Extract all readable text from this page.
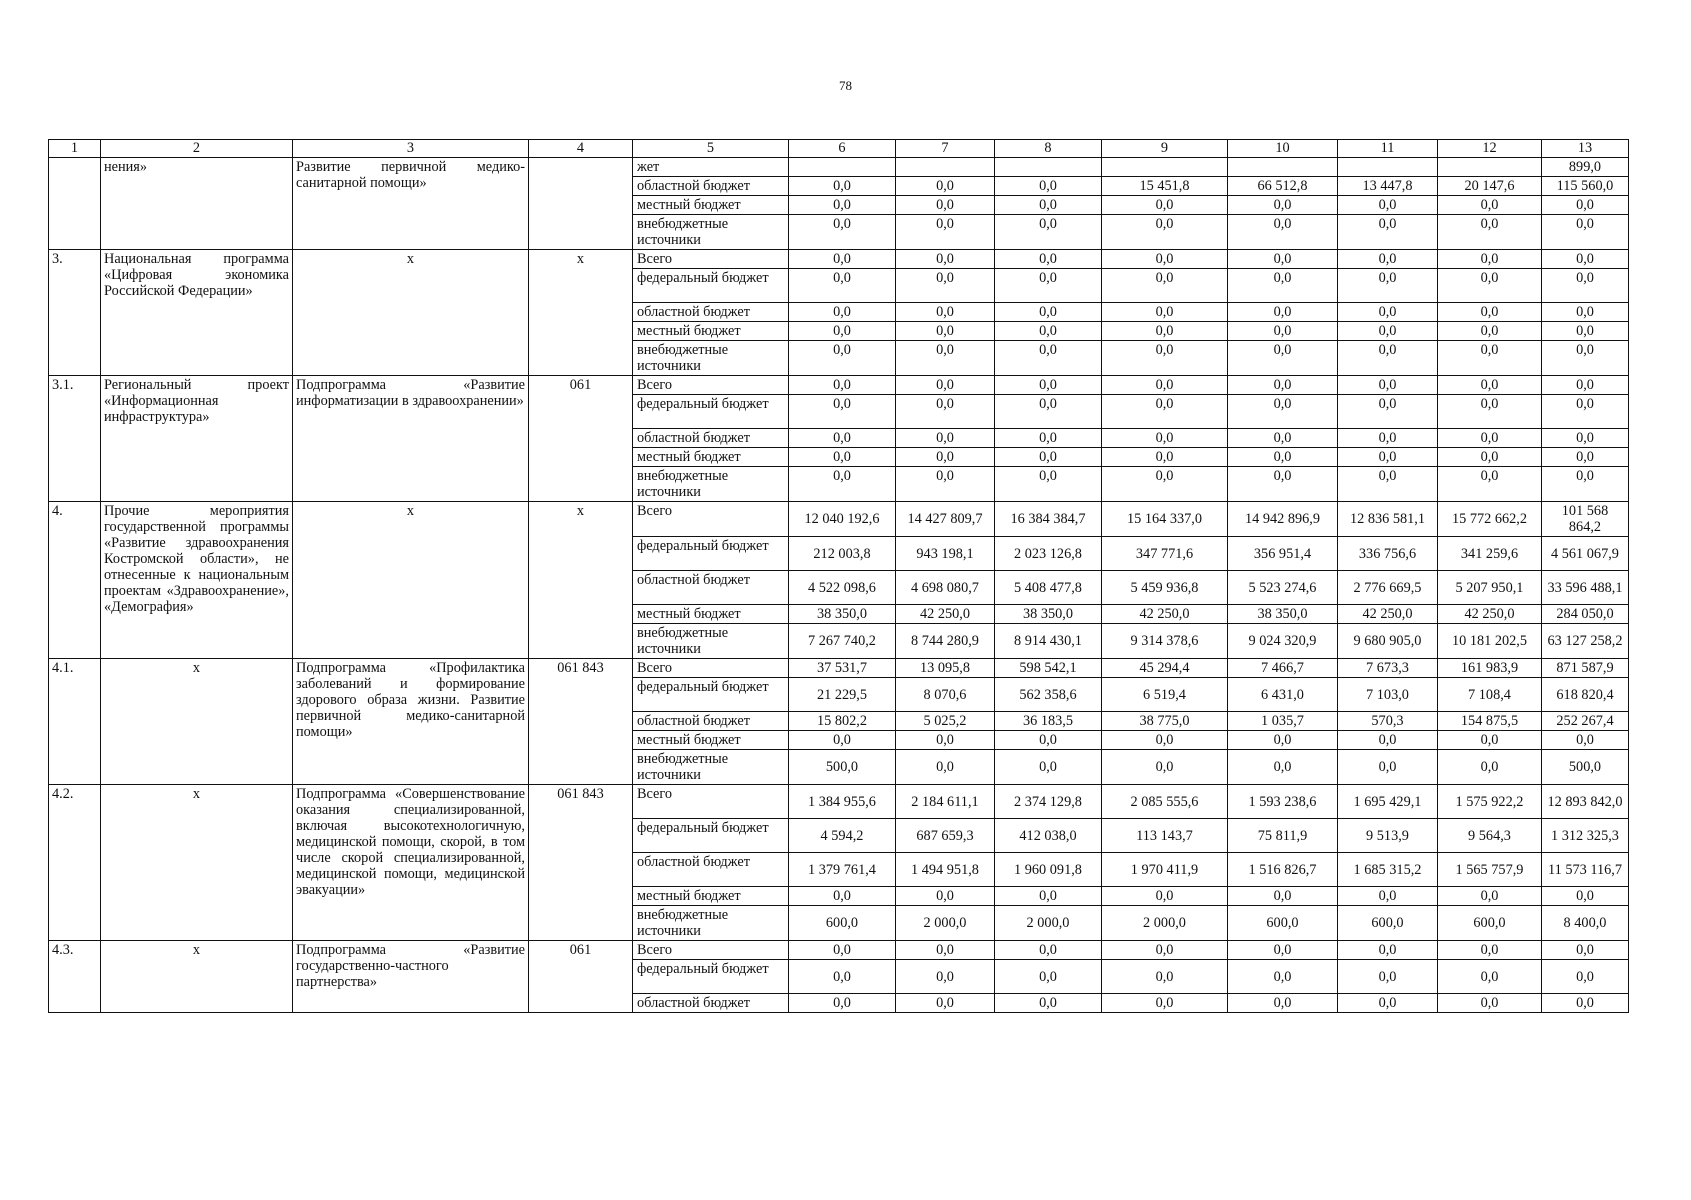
78
1	2	3	4	5	6	7	8	9	10	11	12	13
	нения»	Развитие первичной медико-санитарной помощи»		жет								899,0
				областной бюджет	0,0	0,0	0,0	15 451,8	66 512,8	13 447,8	20 147,6	115 560,0
				местный бюджет	0,0	0,0	0,0	0,0	0,0	0,0	0,0	0,0
				внебюджетные источники	0,0	0,0	0,0	0,0	0,0	0,0	0,0	0,0
3.	Национальная программа «Цифровая экономика Российской Федерации»	х	х	Всего	0,0	0,0	0,0	0,0	0,0	0,0	0,0	0,0
				федеральный бюджет	0,0	0,0	0,0	0,0	0,0	0,0	0,0	0,0
				областной бюджет	0,0	0,0	0,0	0,0	0,0	0,0	0,0	0,0
				местный бюджет	0,0	0,0	0,0	0,0	0,0	0,0	0,0	0,0
				внебюджетные источники	0,0	0,0	0,0	0,0	0,0	0,0	0,0	0,0
3.1.	Региональный проект «Информационная инфраструктура»	Подпрограмма «Развитие информатизации в здравоохранении»	061	Всего	0,0	0,0	0,0	0,0	0,0	0,0	0,0	0,0
				федеральный бюджет	0,0	0,0	0,0	0,0	0,0	0,0	0,0	0,0
				областной бюджет	0,0	0,0	0,0	0,0	0,0	0,0	0,0	0,0
				местный бюджет	0,0	0,0	0,0	0,0	0,0	0,0	0,0	0,0
				внебюджетные источники	0,0	0,0	0,0	0,0	0,0	0,0	0,0	0,0
4.	Прочие мероприятия государственной программы «Развитие здравоохранения Костромской области», не отнесенные к национальным проектам «Здравоохранение», «Демография»	х	х	Всего	12 040 192,6	14 427 809,7	16 384 384,7	15 164 337,0	14 942 896,9	12 836 581,1	15 772 662,2	101 568 864,2
				федеральный бюджет	212 003,8	943 198,1	2 023 126,8	347 771,6	356 951,4	336 756,6	341 259,6	4 561 067,9
				областной бюджет	4 522 098,6	4 698 080,7	5 408 477,8	5 459 936,8	5 523 274,6	2 776 669,5	5 207 950,1	33 596 488,1
				местный бюджет	38 350,0	42 250,0	38 350,0	42 250,0	38 350,0	42 250,0	42 250,0	284 050,0
				внебюджетные источники	7 267 740,2	8 744 280,9	8 914 430,1	9 314 378,6	9 024 320,9	9 680 905,0	10 181 202,5	63 127 258,2
4.1.	х	Подпрограмма «Профилактика заболеваний и формирование здорового образа жизни. Развитие первичной медико-санитарной помощи»	061 843	Всего	37 531,7	13 095,8	598 542,1	45 294,4	7 466,7	7 673,3	161 983,9	871 587,9
				федеральный бюджет	21 229,5	8 070,6	562 358,6	6 519,4	6 431,0	7 103,0	7 108,4	618 820,4
				областной бюджет	15 802,2	5 025,2	36 183,5	38 775,0	1 035,7	570,3	154 875,5	252 267,4
				местный бюджет	0,0	0,0	0,0	0,0	0,0	0,0	0,0	0,0
				внебюджетные источники	500,0	0,0	0,0	0,0	0,0	0,0	0,0	500,0
4.2.	х	Подпрограмма «Совершенствование оказания специализированной, включая высокотехнологичную, медицинской помощи, скорой, в том числе скорой специализированной, медицинской помощи, медицинской эвакуации»	061 843	Всего	1 384 955,6	2 184 611,1	2 374 129,8	2 085 555,6	1 593 238,6	1 695 429,1	1 575 922,2	12 893 842,0
				федеральный бюджет	4 594,2	687 659,3	412 038,0	113 143,7	75 811,9	9 513,9	9 564,3	1 312 325,3
				областной бюджет	1 379 761,4	1 494 951,8	1 960 091,8	1 970 411,9	1 516 826,7	1 685 315,2	1 565 757,9	11 573 116,7
				местный бюджет	0,0	0,0	0,0	0,0	0,0	0,0	0,0	0,0
				внебюджетные источники	600,0	2 000,0	2 000,0	2 000,0	600,0	600,0	600,0	8 400,0
4.3.	х	Подпрограмма «Развитие государственно-частного партнерства»	061	Всего	0,0	0,0	0,0	0,0	0,0	0,0	0,0	0,0
				федеральный бюджет	0,0	0,0	0,0	0,0	0,0	0,0	0,0	0,0
				областной бюджет	0,0	0,0	0,0	0,0	0,0	0,0	0,0	0,0
